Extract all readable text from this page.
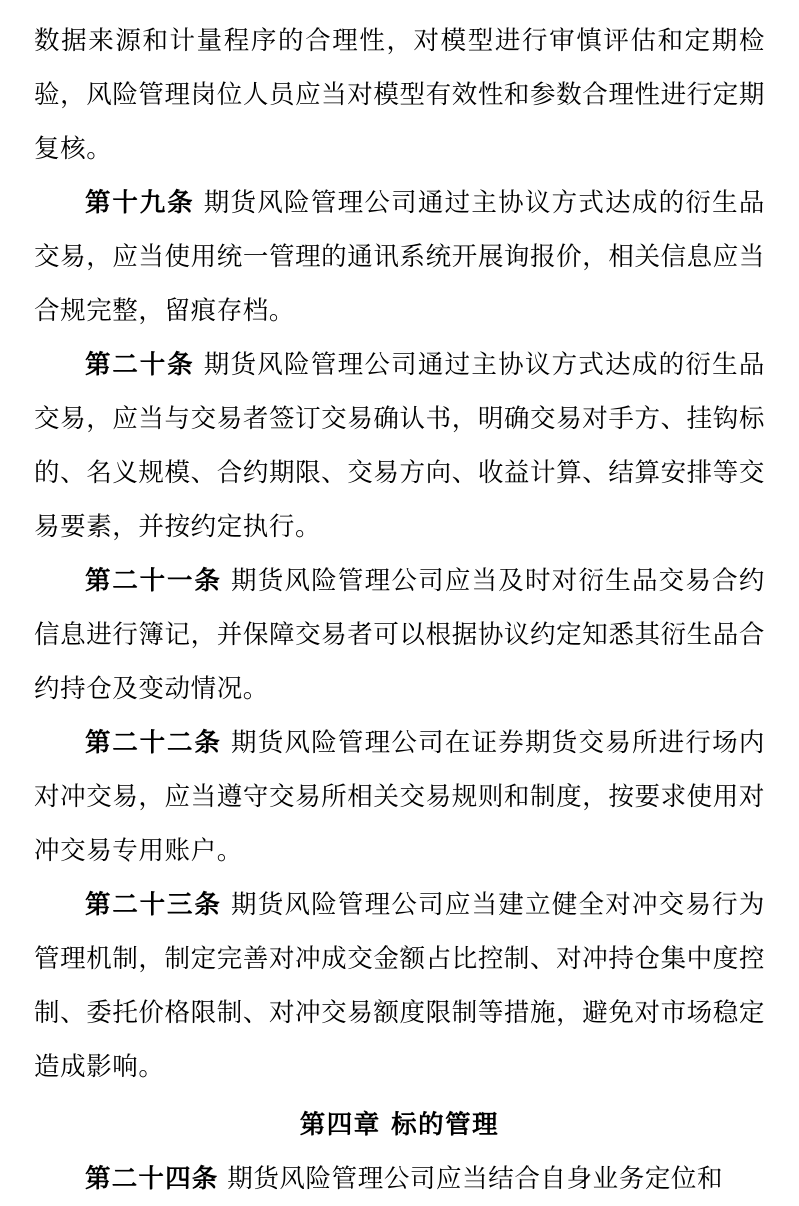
数据来源和计量程序的合理性，对模型进行审慎评估和定期检验，风险管理岗位人员应当对模型有效性和参数合理性进行定期复核。

第十九条 期货风险管理公司通过主协议方式达成的衍生品交易，应当使用统一管理的通讯系统开展询报价，相关信息应当合规完整，留痕存档。

第二十条 期货风险管理公司通过主协议方式达成的衍生品交易，应当与交易者签订交易确认书，明确交易对手方、挂钩标的、名义规模、合约期限、交易方向、收益计算、结算安排等交易要素，并按约定执行。

第二十一条 期货风险管理公司应当及时对衍生品交易合约信息进行簿记，并保障交易者可以根据协议约定知悉其衍生品合约持仓及变动情况。

第二十二条 期货风险管理公司在证券期货交易所进行场内对冲交易，应当遵守交易所相关交易规则和制度，按要求使用对冲交易专用账户。

第二十三条 期货风险管理公司应当建立健全对冲交易行为管理机制，制定完善对冲成交金额占比控制、对冲持仓集中度控制、委托价格限制、对冲交易额度限制等措施，避免对市场稳定造成影响。

第四章 标的管理

第二十四条 期货风险管理公司应当结合自身业务定位和
